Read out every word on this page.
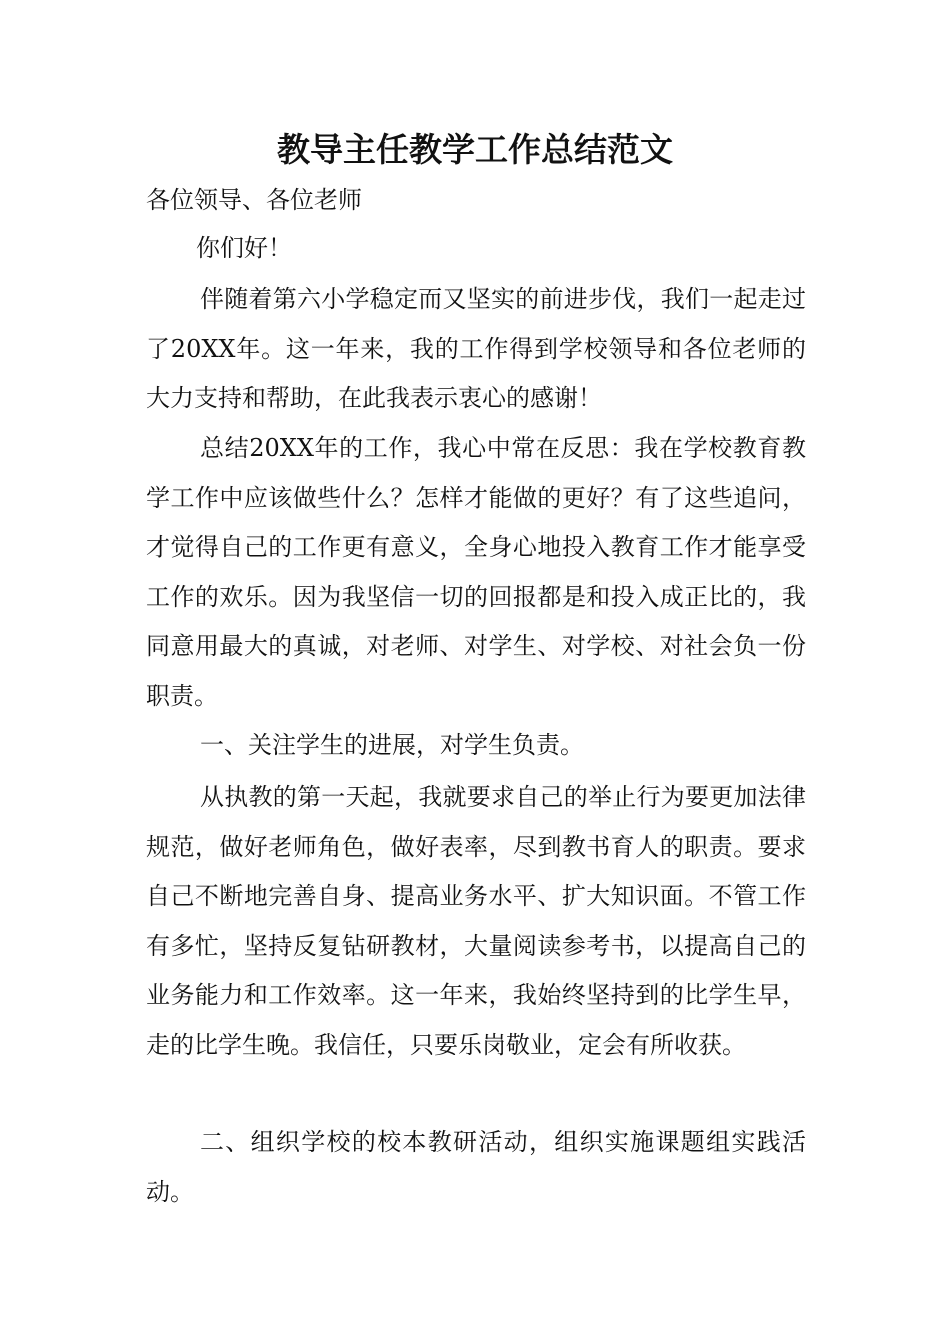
教导主任教学工作总结范文

各位领导、各位老师

你们好！

伴随着第六小学稳定而又坚实的前进步伐，我们一起走过了20XX年。这一年来，我的工作得到学校领导和各位老师的大力支持和帮助，在此我表示衷心的感谢！

总结20XX年的工作，我心中常在反思：我在学校教育教学工作中应该做些什么？怎样才能做的更好？有了这些追问，才觉得自己的工作更有意义，全身心地投入教育工作才能享受工作的欢乐。因为我坚信一切的回报都是和投入成正比的，我同意用最大的真诚，对老师、对学生、对学校、对社会负一份职责。

一、关注学生的进展，对学生负责。

从执教的第一天起，我就要求自己的举止行为要更加法律规范，做好老师角色，做好表率，尽到教书育人的职责。要求自己不断地完善自身、提高业务水平、扩大知识面。不管工作有多忙，坚持反复钻研教材，大量阅读参考书，以提高自己的业务能力和工作效率。这一年来，我始终坚持到的比学生早，走的比学生晚。我信任，只要乐岗敬业，定会有所收获。

二、组织学校的校本教研活动，组织实施课题组实践活动。
